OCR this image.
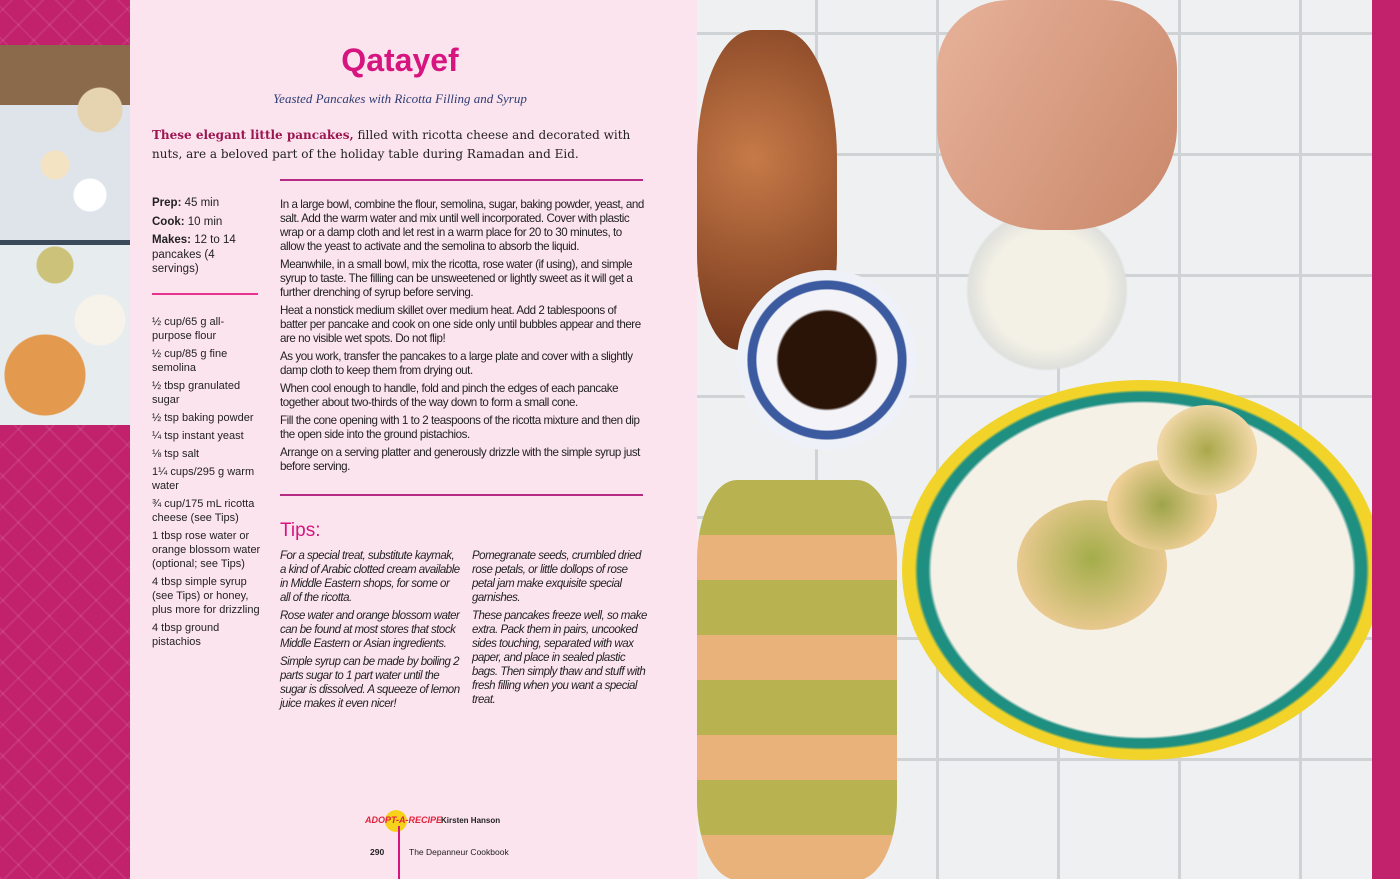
Qatayef
Yeasted Pancakes with Ricotta Filling and Syrup

These elegant little pancakes, filled with ricotta cheese and decorated with nuts, are a beloved part of the holiday table during Ramadan and Eid.

Prep: 45 min
Cook: 10 min
Makes: 12 to 14 pancakes (4 servings)
½ cup/65 g all-purpose flour
½ cup/85 g fine semolina
½ tbsp granulated sugar
½ tsp baking powder
¼ tsp instant yeast
⅛ tsp salt
1¼ cups/295 g warm water
¾ cup/175 mL ricotta cheese (see Tips)
1 tbsp rose water or orange blossom water (optional; see Tips)
4 tbsp simple syrup (see Tips) or honey, plus more for drizzling
4 tbsp ground pistachios

In a large bowl, combine the flour, semolina, sugar, baking powder, yeast, and salt. Add the warm water and mix until well incorporated. Cover with plastic wrap or a damp cloth and let rest in a warm place for 20 to 30 minutes, to allow the yeast to activate and the semolina to absorb the liquid.

Meanwhile, in a small bowl, mix the ricotta, rose water (if using), and simple syrup to taste. The filling can be unsweetened or lightly sweet as it will get a further drenching of syrup before serving.

Heat a nonstick medium skillet over medium heat. Add 2 tablespoons of batter per pancake and cook on one side only until bubbles appear and there are no visible wet spots. Do not flip!

As you work, transfer the pancakes to a large plate and cover with a slightly damp cloth to keep them from drying out.

When cool enough to handle, fold and pinch the edges of each pancake together about two-thirds of the way down to form a small cone.

Fill the cone opening with 1 to 2 teaspoons of the ricotta mixture and then dip the open side into the ground pistachios.

Arrange on a serving platter and generously drizzle with the simple syrup just before serving.

Tips:

For a special treat, substitute kaymak, a kind of Arabic clotted cream available in Middle Eastern shops, for some or all of the ricotta.

Rose water and orange blossom water can be found at most stores that stock Middle Eastern or Asian ingredients.

Simple syrup can be made by boiling 2 parts sugar to 1 part water until the sugar is dissolved. A squeeze of lemon juice makes it even nicer!

Pomegranate seeds, crumbled dried rose petals, or little dollops of rose petal jam make exquisite special garnishes.

These pancakes freeze well, so make extra. Pack them in pairs, uncooked sides touching, separated with wax paper, and place in sealed plastic bags. Then simply thaw and stuff with fresh filling when you want a special treat.

ADOPT-A-RECIPE
Kirsten Hanson
290	The Depanneur Cookbook
